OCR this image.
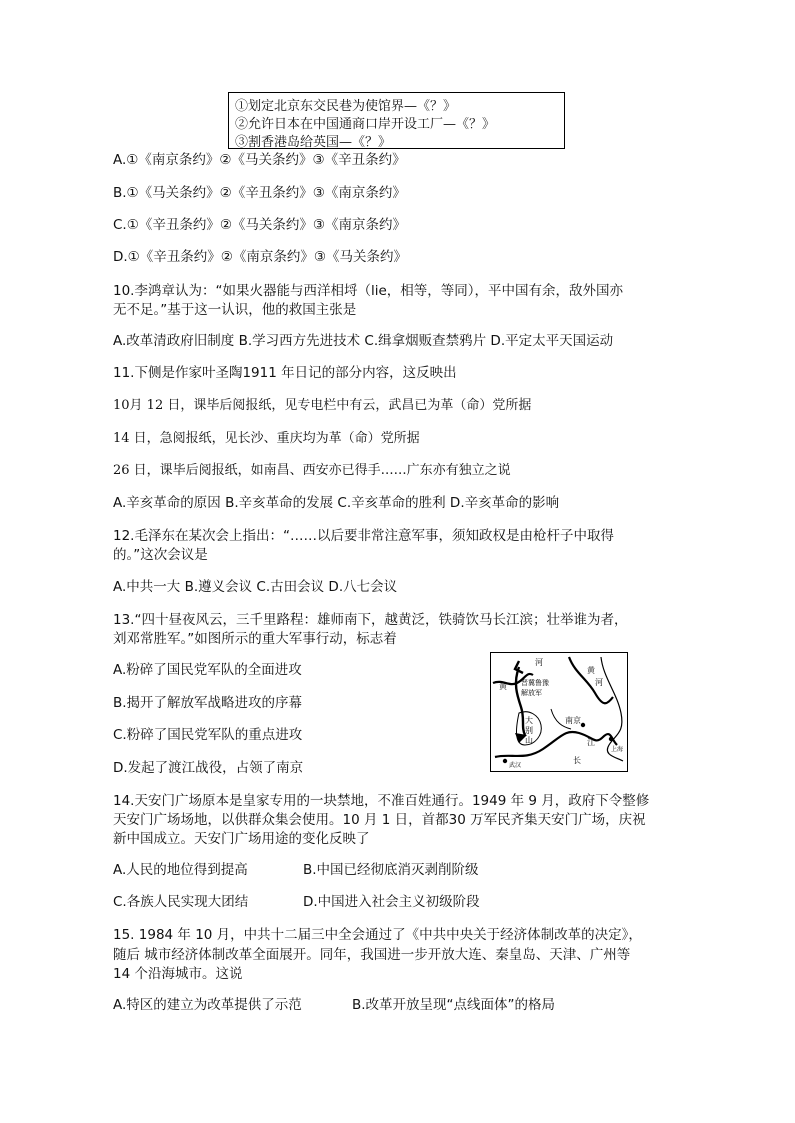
①划定北京东交民巷为使馆界—《？》
②允许日本在中国通商口岸开设工厂—《？》
③割香港岛给英国—《？》
A.①《南京条约》②《马关条约》③《辛丑条约》
B.①《马关条约》②《辛丑条约》③《南京条约》
C.①《辛丑条约》②《马关条约》③《南京条约》
D.①《辛丑条约》②《南京条约》③《马关条约》
10.李鸿章认为：“如果火器能与西洋相埒（lie，相等，等同），平中国有余，敌外国亦
无不足。”基于这一认识，他的救国主张是
A.改革清政府旧制度 B.学习西方先进技术 C.缉拿烟贩查禁鸦片 D.平定太平天国运动
11.下侧是作家叶圣陶1911 年日记的部分内容，这反映出
10月 12 日，课毕后阅报纸，见专电栏中有云，武昌已为革（命）党所据
14 日，急阅报纸，见长沙、重庆均为革（命）党所据
26 日，课毕后阅报纸，如南昌、西安亦已得手……广东亦有独立之说
A.辛亥革命的原因 B.辛亥革命的发展 C.辛亥革命的胜利 D.辛亥革命的影响
12.毛泽东在某次会上指出：“……以后要非常注意军事，须知政权是由枪杆子中取得
的。”这次会议是
A.中共一大 B.遵义会议 C.古田会议 D.八七会议
13.“四十昼夜风云，三千里路程：雄师南下，越黄泛，铁骑饮马长江滨；壮举谁为者，
刘邓常胜军。”如图所示的重大军事行动，标志着
A.粉碎了国民党军队的全面进攻
B.揭开了解放军战略进攻的序幕
C.粉碎了国民党军队的重点进攻
D.发起了渡江战役，占领了南京
河
黄
黄
河
晋冀鲁豫
解放军
大
别
山
南京
江
长
武汉
上海
14.天安门广场原本是皇家专用的一块禁地，不准百姓通行。1949 年 9 月，政府下令整修
天安门广场场地，以供群众集会使用。10 月 1 日，首都30 万军民齐集天安门广场，庆祝
新中国成立。天安门广场用途的变化反映了
A.人民的地位得到提高	B.中国已经彻底消灭剥削阶级
C.各族人民实现大团结	D.中国进入社会主义初级阶段
15. 1984 年 10 月，中共十二届三中全会通过了《中共中央关于经济体制改革的决定》，
随后 城市经济体制改革全面展开。同年，我国进一步开放大连、秦皇岛、天津、广州等
14 个沿海城市。这说
A.特区的建立为改革提供了示范	B.改革开放呈现“点线面体”的格局
